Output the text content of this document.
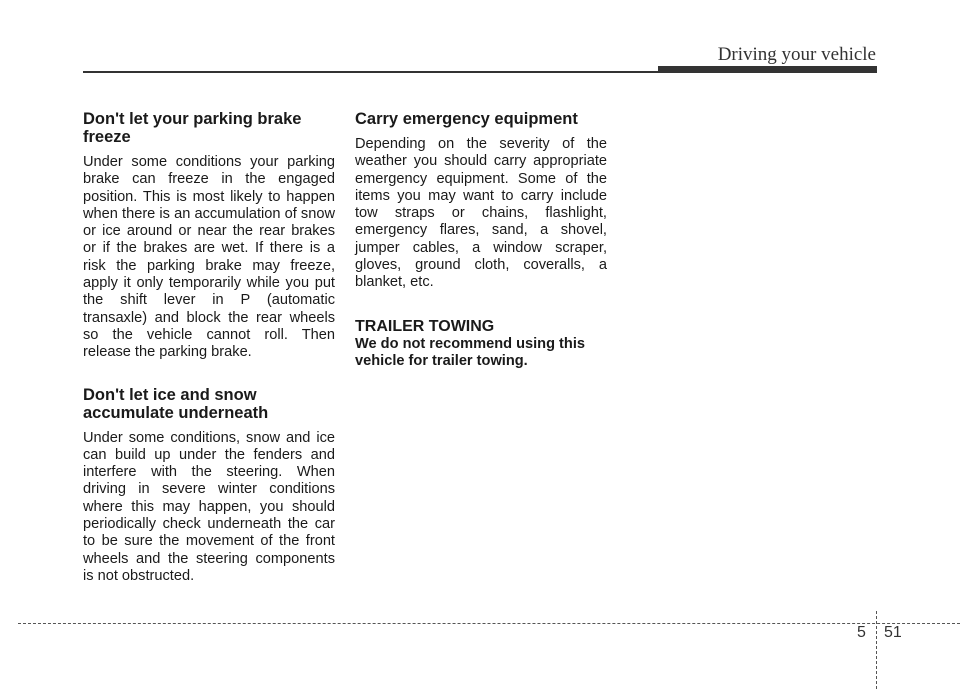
Driving your vehicle
Don't let your parking brake freeze

Under some conditions your parking brake can freeze in the engaged position. This is most likely to happen when there is an accumulation of snow or ice around or near the rear brakes or if the brakes are wet. If there is a risk the parking brake may freeze, apply it only temporarily while you put the shift lever in P (automatic transaxle) and block the rear wheels so the vehicle cannot roll. Then release the parking brake.

Don't let ice and snow accumulate underneath

Under some conditions, snow and ice can build up under the fenders and interfere with the steering. When driving in severe winter conditions where this may happen, you should periodically check underneath the car to be sure the movement of the front wheels and the steering components is not obstructed.

Carry emergency equipment

Depending on the severity of the weather you should carry appropriate emergency equipment. Some of the items you may want to carry include tow straps or chains, flashlight, emergency flares, sand, a shovel, jumper cables, a window scraper, gloves, ground cloth, coveralls, a blanket, etc.

TRAILER TOWING

We do not recommend using this vehicle for trailer towing.

5 51
